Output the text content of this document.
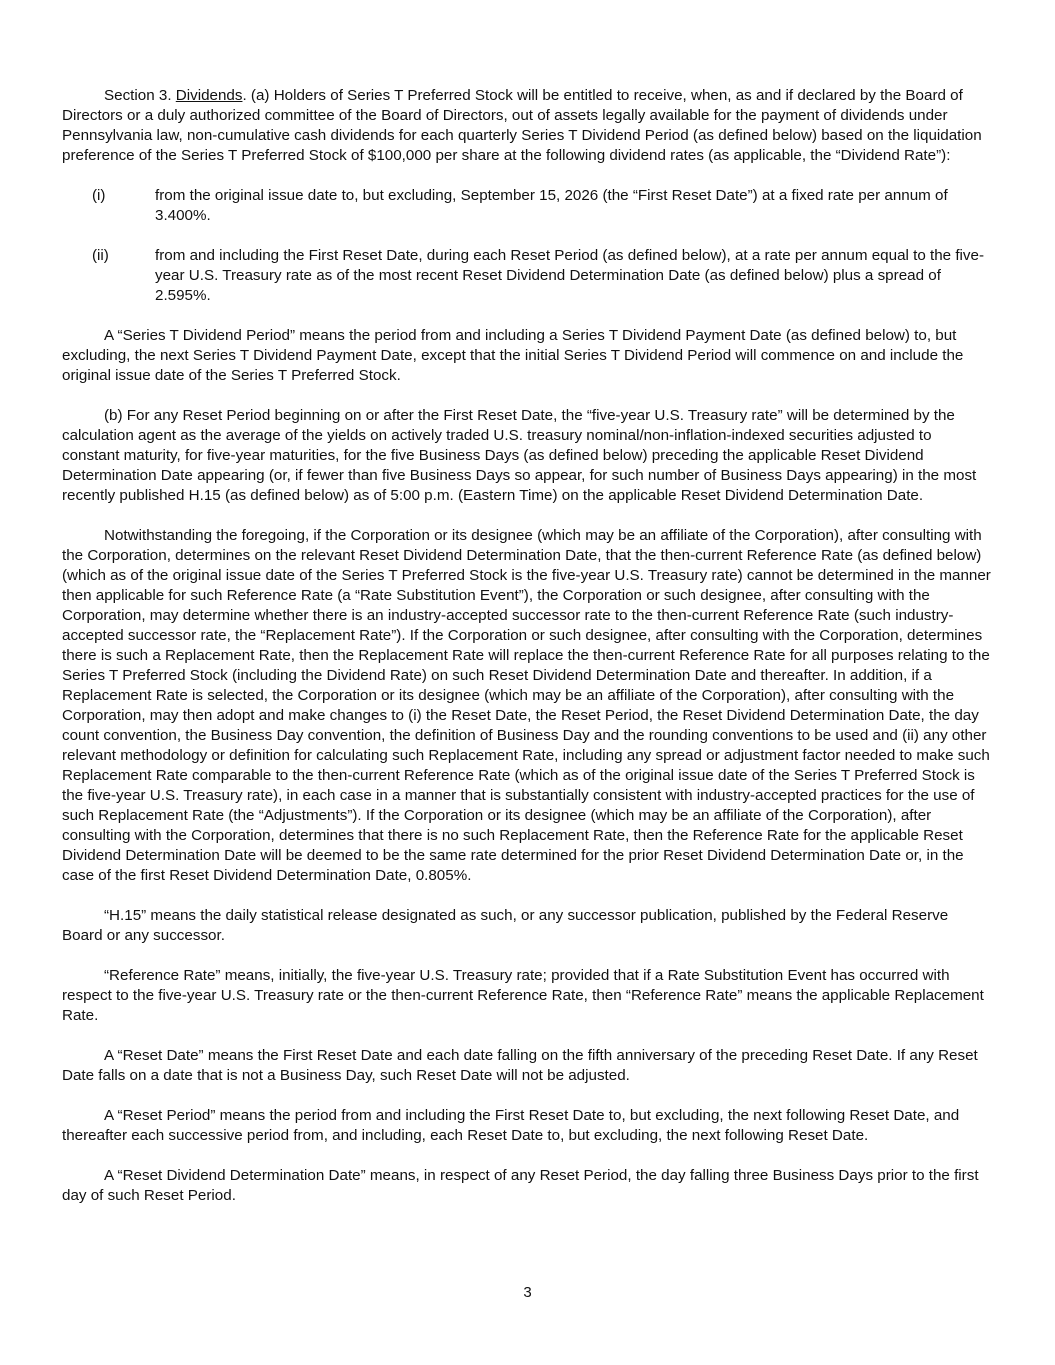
Section 3. Dividends. (a) Holders of Series T Preferred Stock will be entitled to receive, when, as and if declared by the Board of Directors or a duly authorized committee of the Board of Directors, out of assets legally available for the payment of dividends under Pennsylvania law, non-cumulative cash dividends for each quarterly Series T Dividend Period (as defined below) based on the liquidation preference of the Series T Preferred Stock of $100,000 per share at the following dividend rates (as applicable, the “Dividend Rate”):

(i)	from the original issue date to, but excluding, September 15, 2026 (the “First Reset Date”) at a fixed rate per annum of 3.400%.
(ii)	from and including the First Reset Date, during each Reset Period (as defined below), at a rate per annum equal to the five-year U.S. Treasury rate as of the most recent Reset Dividend Determination Date (as defined below) plus a spread of 2.595%.

A “Series T Dividend Period” means the period from and including a Series T Dividend Payment Date (as defined below) to, but excluding, the next Series T Dividend Payment Date, except that the initial Series T Dividend Period will commence on and include the original issue date of the Series T Preferred Stock.

(b) For any Reset Period beginning on or after the First Reset Date, the “five-year U.S. Treasury rate” will be determined by the calculation agent as the average of the yields on actively traded U.S. treasury nominal/non-inflation-indexed securities adjusted to constant maturity, for five-year maturities, for the five Business Days (as defined below) preceding the applicable Reset Dividend Determination Date appearing (or, if fewer than five Business Days so appear, for such number of Business Days appearing) in the most recently published H.15 (as defined below) as of 5:00 p.m. (Eastern Time) on the applicable Reset Dividend Determination Date.

Notwithstanding the foregoing, if the Corporation or its designee (which may be an affiliate of the Corporation), after consulting with the Corporation, determines on the relevant Reset Dividend Determination Date, that the then-current Reference Rate (as defined below) (which as of the original issue date of the Series T Preferred Stock is the five-year U.S. Treasury rate) cannot be determined in the manner then applicable for such Reference Rate (a “Rate Substitution Event”), the Corporation or such designee, after consulting with the Corporation, may determine whether there is an industry-accepted successor rate to the then-current Reference Rate (such industry-accepted successor rate, the “Replacement Rate”). If the Corporation or such designee, after consulting with the Corporation, determines there is such a Replacement Rate, then the Replacement Rate will replace the then-current Reference Rate for all purposes relating to the Series T Preferred Stock (including the Dividend Rate) on such Reset Dividend Determination Date and thereafter. In addition, if a Replacement Rate is selected, the Corporation or its designee (which may be an affiliate of the Corporation), after consulting with the Corporation, may then adopt and make changes to (i) the Reset Date, the Reset Period, the Reset Dividend Determination Date, the day count convention, the Business Day convention, the definition of Business Day and the rounding conventions to be used and (ii) any other relevant methodology or definition for calculating such Replacement Rate, including any spread or adjustment factor needed to make such Replacement Rate comparable to the then-current Reference Rate (which as of the original issue date of the Series T Preferred Stock is the five-year U.S. Treasury rate), in each case in a manner that is substantially consistent with industry-accepted practices for the use of such Replacement Rate (the “Adjustments”). If the Corporation or its designee (which may be an affiliate of the Corporation), after consulting with the Corporation, determines that there is no such Replacement Rate, then the Reference Rate for the applicable Reset Dividend Determination Date will be deemed to be the same rate determined for the prior Reset Dividend Determination Date or, in the case of the first Reset Dividend Determination Date, 0.805%.

“H.15” means the daily statistical release designated as such, or any successor publication, published by the Federal Reserve Board or any successor.

“Reference Rate” means, initially, the five-year U.S. Treasury rate; provided that if a Rate Substitution Event has occurred with respect to the five-year U.S. Treasury rate or the then-current Reference Rate, then “Reference Rate” means the applicable Replacement Rate.

A “Reset Date” means the First Reset Date and each date falling on the fifth anniversary of the preceding Reset Date. If any Reset Date falls on a date that is not a Business Day, such Reset Date will not be adjusted.

A “Reset Period” means the period from and including the First Reset Date to, but excluding, the next following Reset Date, and thereafter each successive period from, and including, each Reset Date to, but excluding, the next following Reset Date.

A “Reset Dividend Determination Date” means, in respect of any Reset Period, the day falling three Business Days prior to the first day of such Reset Period.

3
